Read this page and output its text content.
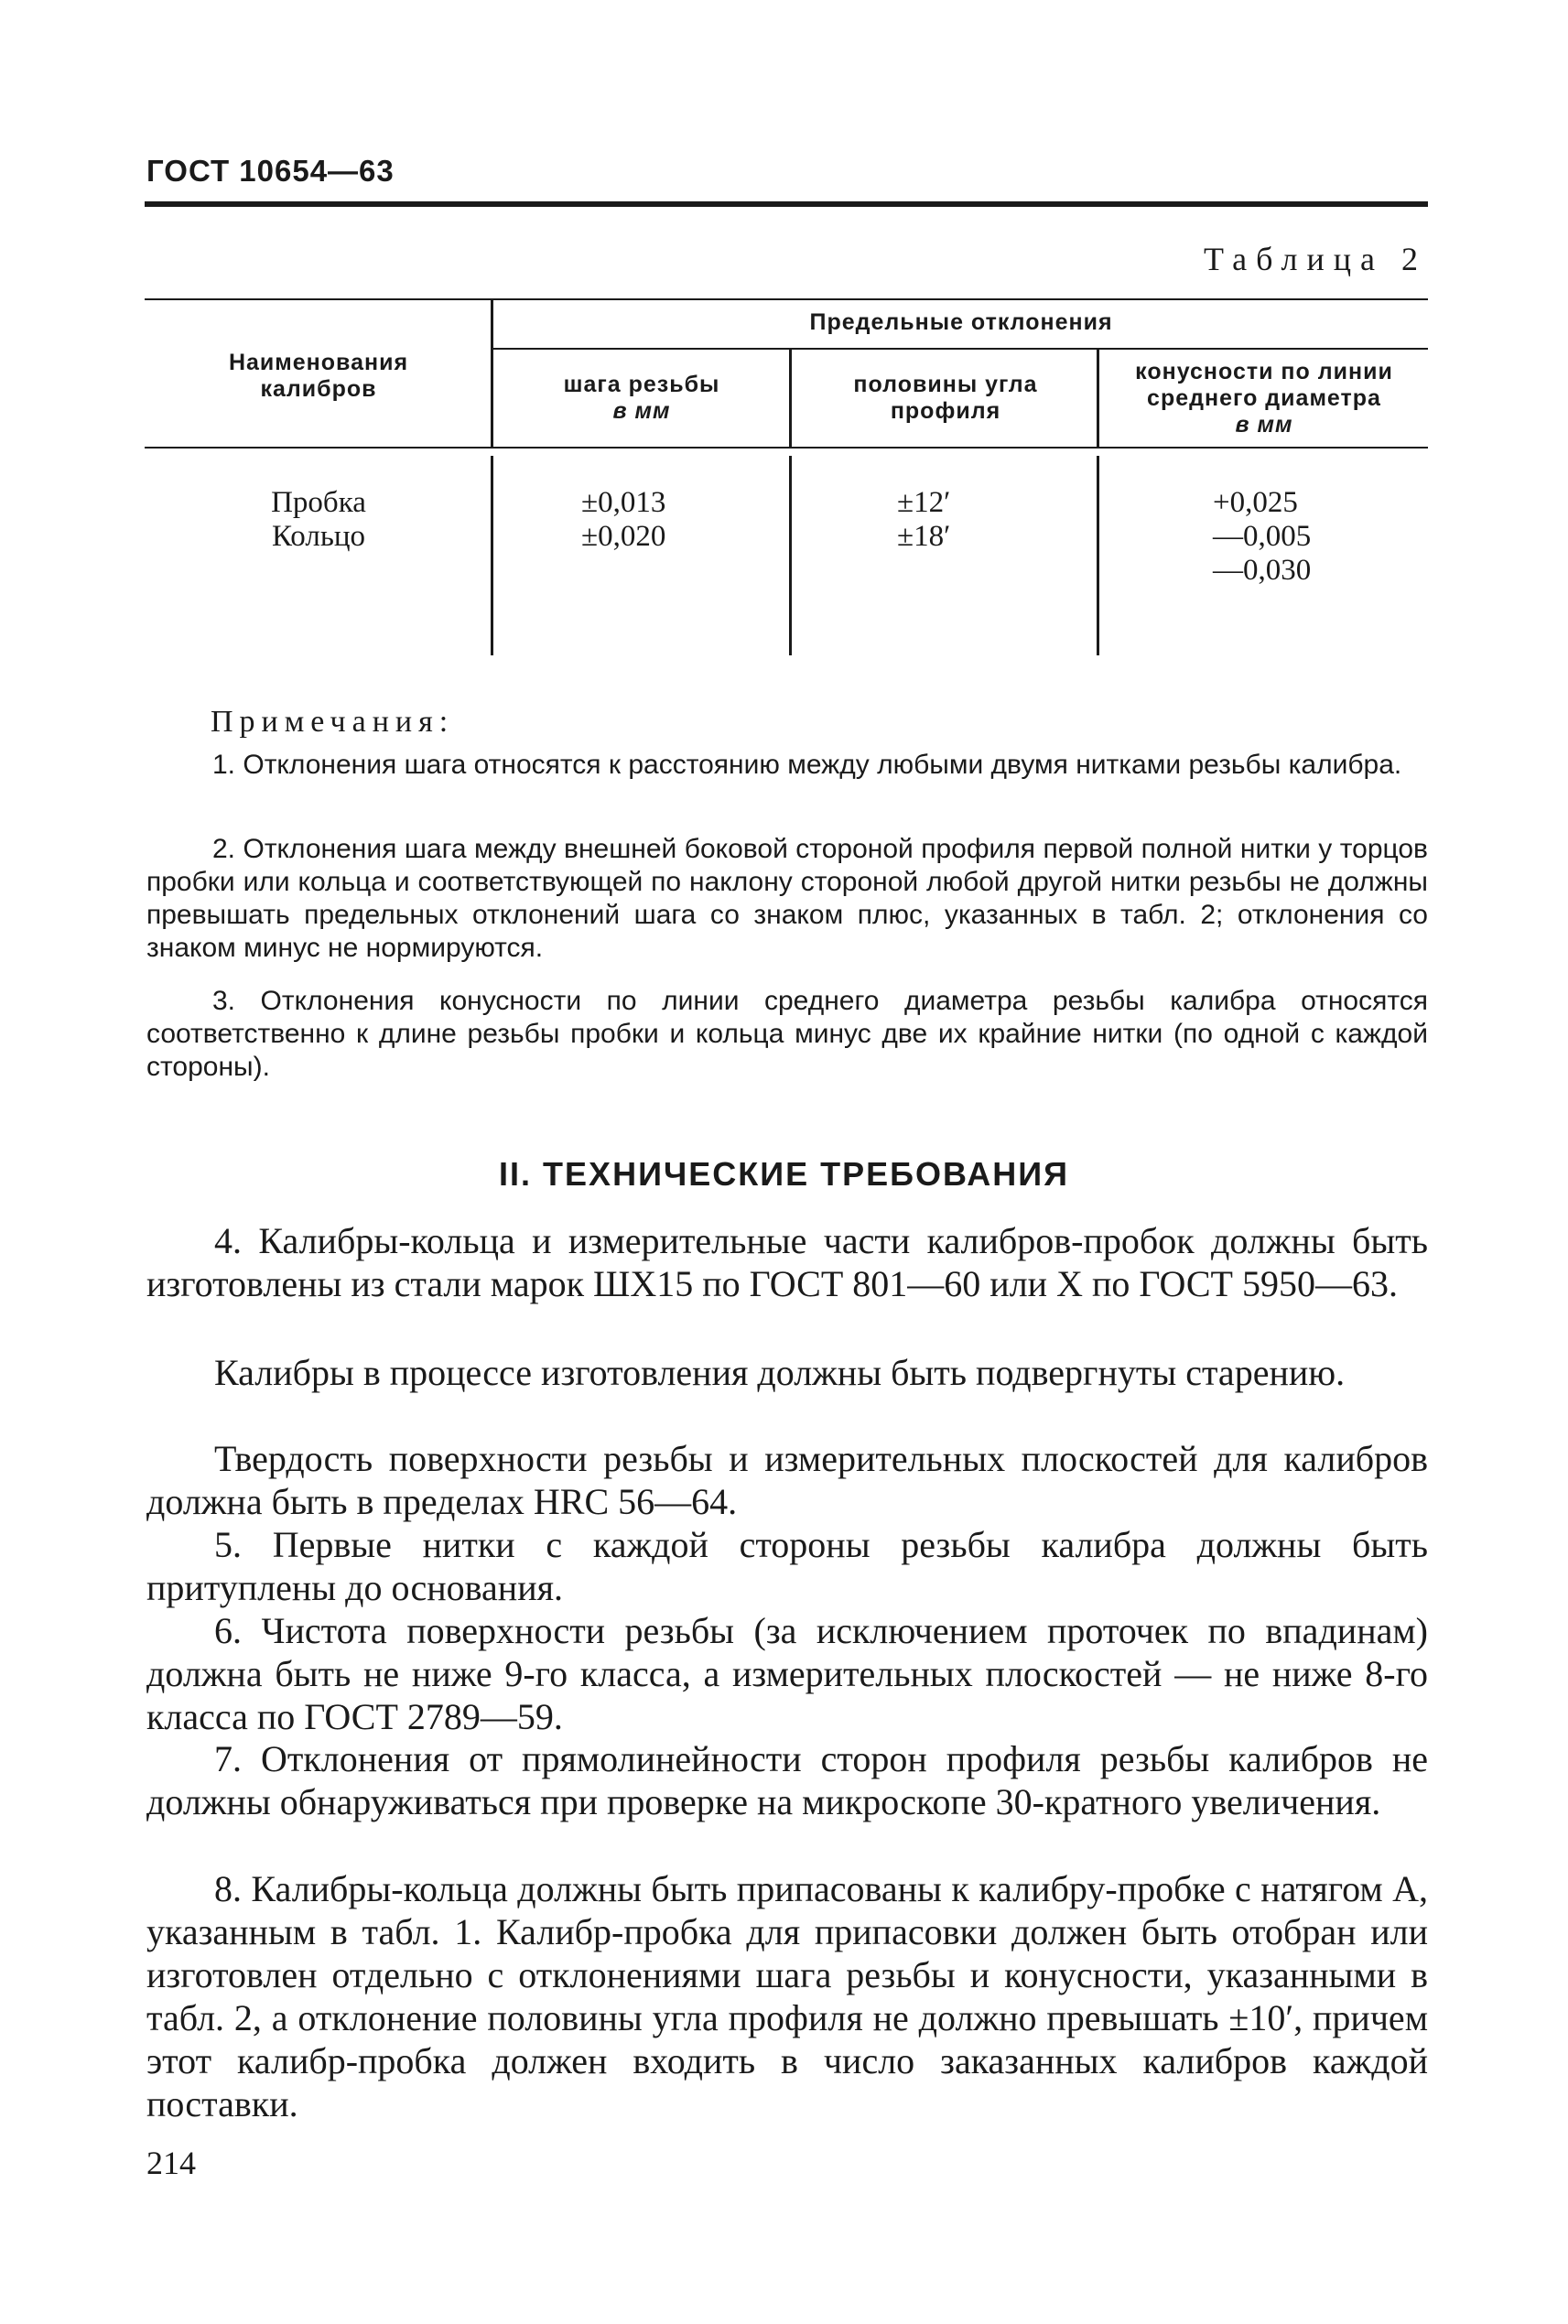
ГОСТ 10654—63
Таблица 2
Наименования калибров
Предельные отклонения
шага резьбы
в мм
половины угла профиля
конусности по линии среднего диаметра
в мм
Пробка
Кольцо
±0,013
±0,020
±12′
±18′
+0,025
—0,005
—0,030
Примечания:
1. Отклонения шага относятся к расстоянию между любыми двумя нитками резьбы калибра.
2. Отклонения шага между внешней боковой стороной профиля первой полной нитки у торцов пробки или кольца и соответствующей по наклону стороной любой другой нитки резьбы не должны превышать предельных отклонений шага со знаком плюс, указанных в табл. 2; отклонения со знаком минус не нормируются.
3. Отклонения конусности по линии среднего диаметра резьбы калибра относятся соответственно к длине резьбы пробки и кольца минус две их крайние нитки (по одной с каждой стороны).
II. ТЕХНИЧЕСКИЕ ТРЕБОВАНИЯ
4. Калибры-кольца и измерительные части калибров-пробок должны быть изготовлены из стали марок ШХ15 по ГОСТ 801—60 или Х по ГОСТ 5950—63.
Калибры в процессе изготовления должны быть подвергнуты старению.
Твердость поверхности резьбы и измерительных плоскостей для калибров должна быть в пределах HRC 56—64.
5. Первые нитки с каждой стороны резьбы калибра должны быть притуплены до основания.
6. Чистота поверхности резьбы (за исключением проточек по впадинам) должна быть не ниже 9-го класса, а измерительных плоскостей — не ниже 8-го класса по ГОСТ 2789—59.
7. Отклонения от прямолинейности сторон профиля резьбы калибров не должны обнаруживаться при проверке на микроскопе 30-кратного увеличения.
8. Калибры-кольца должны быть припасованы к калибру-пробке с натягом A, указанным в табл. 1. Калибр-пробка для припасовки должен быть отобран или изготовлен отдельно с отклонениями шага резьбы и конусности, указанными в табл. 2, а отклонение половины угла профиля не должно превышать ±10′, причем этот калибр-пробка должен входить в число заказанных калибров каждой поставки.
214
